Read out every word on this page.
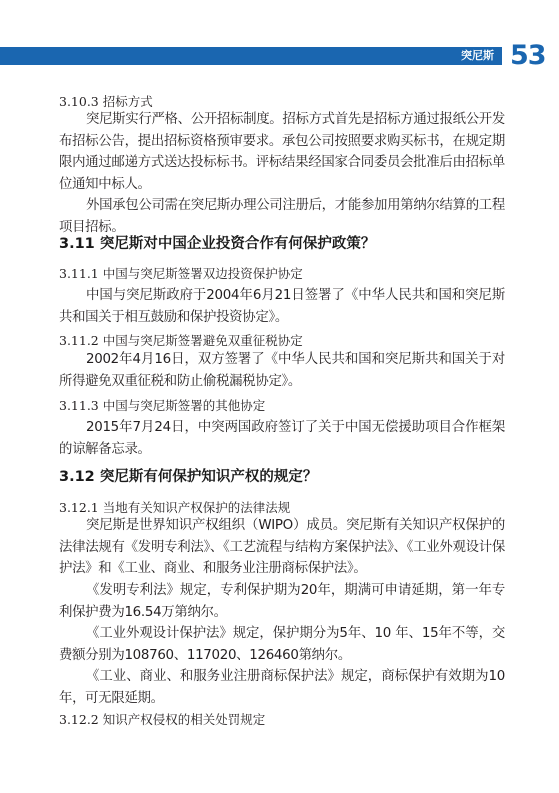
突尼斯 53
3.10.3 招标方式

突尼斯实行严格、公开招标制度。招标方式首先是招标方通过报纸公开发布招标公告，提出招标资格预审要求。承包公司按照要求购买标书，在规定期限内通过邮递方式送达投标标书。评标结果经国家合同委员会批准后由招标单位通知中标人。

外国承包公司需在突尼斯办理公司注册后，才能参加用第纳尔结算的工程项目招标。

3.11 突尼斯对中国企业投资合作有何保护政策？
3.11.1 中国与突尼斯签署双边投资保护协定

中国与突尼斯政府于2004年6月21日签署了《中华人民共和国和突尼斯共和国关于相互鼓励和保护投资协定》。

3.11.2 中国与突尼斯签署避免双重征税协定

2002年4月16日，双方签署了《中华人民共和国和突尼斯共和国关于对所得避免双重征税和防止偷税漏税协定》。

3.11.3 中国与突尼斯签署的其他协定

2015年7月24日，中突两国政府签订了关于中国无偿援助项目合作框架的谅解备忘录。

3.12 突尼斯有何保护知识产权的规定？
3.12.1 当地有关知识产权保护的法律法规

突尼斯是世界知识产权组织（WIPO）成员。突尼斯有关知识产权保护的法律法规有《发明专利法》、《工艺流程与结构方案保护法》、《工业外观设计保护法》和《工业、商业、和服务业注册商标保护法》。

《发明专利法》规定，专利保护期为20年，期满可申请延期，第一年专利保护费为16.54万第纳尔。

《工业外观设计保护法》规定，保护期分为5年、10 年、15年不等，交费额分别为108760、117020、126460第纳尔。

《工业、商业、和服务业注册商标保护法》规定，商标保护有效期为10年，可无限延期。

3.12.2 知识产权侵权的相关处罚规定
